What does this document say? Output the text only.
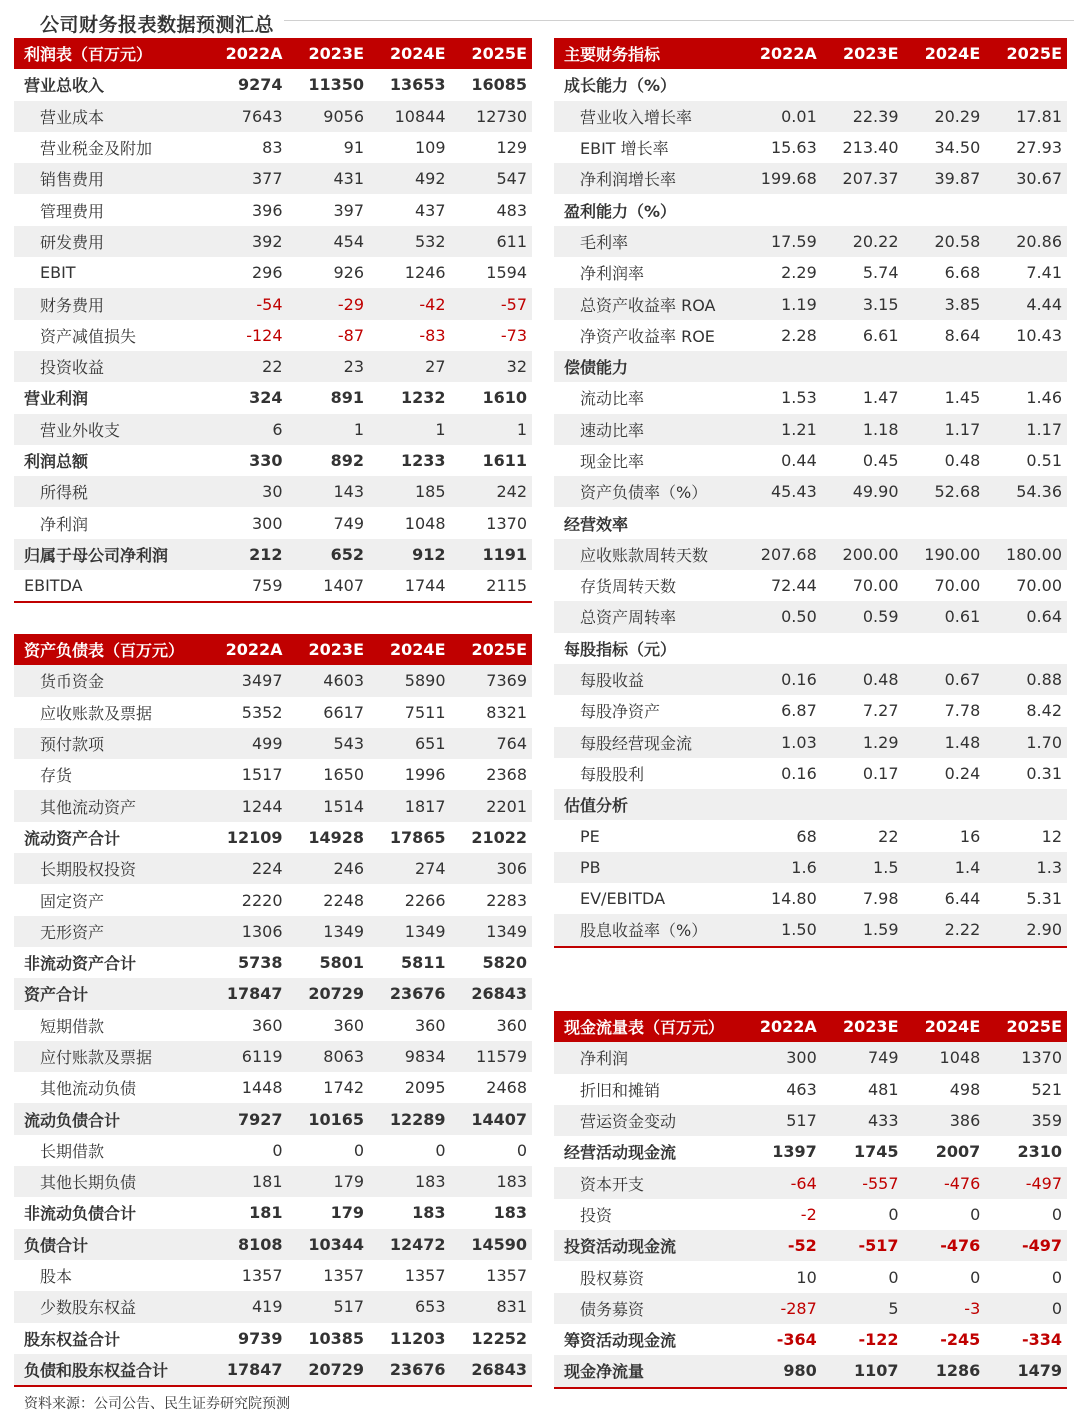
公司财务报表数据预测汇总
利润表（百万元）	2022A	2023E	2024E	2025E
营业总收入	9274	11350	13653	16085
营业成本	7643	9056	10844	12730
营业税金及附加	83	91	109	129
销售费用	377	431	492	547
管理费用	396	397	437	483
研发费用	392	454	532	611
EBIT	296	926	1246	1594
财务费用	-54	-29	-42	-57
资产减值损失	-124	-87	-83	-73
投资收益	22	23	27	32
营业利润	324	891	1232	1610
营业外收支	6	1	1	1
利润总额	330	892	1233	1611
所得税	30	143	185	242
净利润	300	749	1048	1370
归属于母公司净利润	212	652	912	1191
EBITDA	759	1407	1744	2115
资产负债表（百万元）	2022A	2023E	2024E	2025E
货币资金	3497	4603	5890	7369
应收账款及票据	5352	6617	7511	8321
预付款项	499	543	651	764
存货	1517	1650	1996	2368
其他流动资产	1244	1514	1817	2201
流动资产合计	12109	14928	17865	21022
长期股权投资	224	246	274	306
固定资产	2220	2248	2266	2283
无形资产	1306	1349	1349	1349
非流动资产合计	5738	5801	5811	5820
资产合计	17847	20729	23676	26843
短期借款	360	360	360	360
应付账款及票据	6119	8063	9834	11579
其他流动负债	1448	1742	2095	2468
流动负债合计	7927	10165	12289	14407
长期借款	0	0	0	0
其他长期负债	181	179	183	183
非流动负债合计	181	179	183	183
负债合计	8108	10344	12472	14590
股本	1357	1357	1357	1357
少数股东权益	419	517	653	831
股东权益合计	9739	10385	11203	12252
负债和股东权益合计	17847	20729	23676	26843
主要财务指标	2022A	2023E	2024E	2025E
成长能力（%）
营业收入增长率	0.01	22.39	20.29	17.81
EBIT 增长率	15.63	213.40	34.50	27.93
净利润增长率	199.68	207.37	39.87	30.67
盈利能力（%）
毛利率	17.59	20.22	20.58	20.86
净利润率	2.29	5.74	6.68	7.41
总资产收益率 ROA	1.19	3.15	3.85	4.44
净资产收益率 ROE	2.28	6.61	8.64	10.43
偿债能力
流动比率	1.53	1.47	1.45	1.46
速动比率	1.21	1.18	1.17	1.17
现金比率	0.44	0.45	0.48	0.51
资产负债率（%）	45.43	49.90	52.68	54.36
经营效率
应收账款周转天数	207.68	200.00	190.00	180.00
存货周转天数	72.44	70.00	70.00	70.00
总资产周转率	0.50	0.59	0.61	0.64
每股指标（元）
每股收益	0.16	0.48	0.67	0.88
每股净资产	6.87	7.27	7.78	8.42
每股经营现金流	1.03	1.29	1.48	1.70
每股股利	0.16	0.17	0.24	0.31
估值分析
PE	68	22	16	12
PB	1.6	1.5	1.4	1.3
EV/EBITDA	14.80	7.98	6.44	5.31
股息收益率（%）	1.50	1.59	2.22	2.90
现金流量表（百万元）	2022A	2023E	2024E	2025E
净利润	300	749	1048	1370
折旧和摊销	463	481	498	521
营运资金变动	517	433	386	359
经营活动现金流	1397	1745	2007	2310
资本开支	-64	-557	-476	-497
投资	-2	0	0	0
投资活动现金流	-52	-517	-476	-497
股权募资	10	0	0	0
债务募资	-287	5	-3	0
筹资活动现金流	-364	-122	-245	-334
现金净流量	980	1107	1286	1479
资料来源：公司公告、民生证券研究院预测
